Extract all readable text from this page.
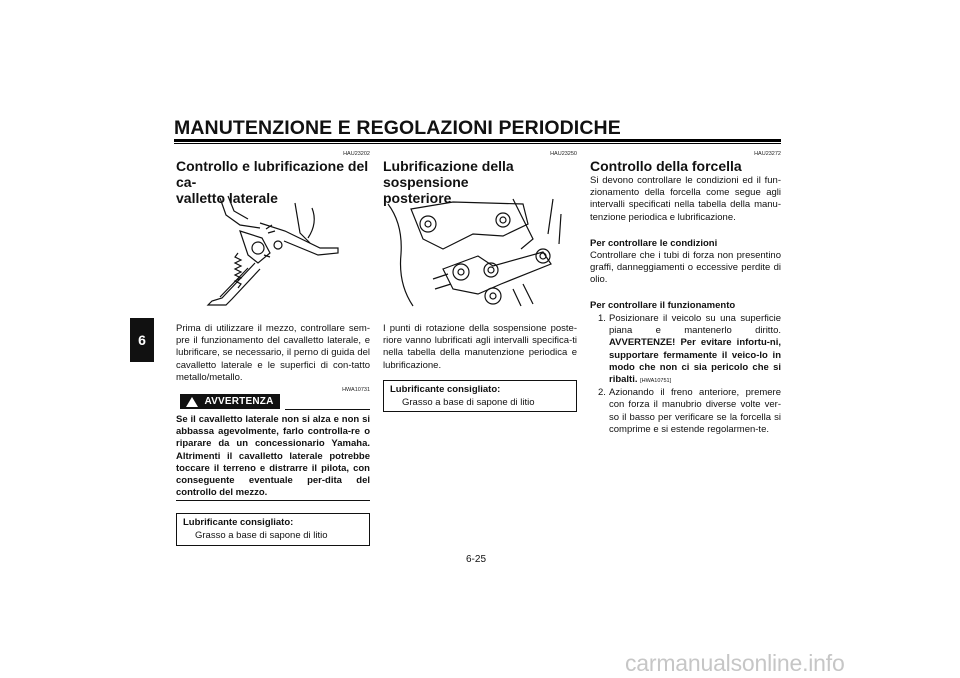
MANUTENZIONE E REGOLAZIONI PERIODICHE
6
HAU23202
Controllo e lubrificazione del ca-
valletto laterale
Prima di utilizzare il mezzo, controllare sem-pre il funzionamento del cavalletto laterale, e lubrificare, se necessario, il perno di guida del cavalletto laterale e le superfici di con-tatto metallo/metallo.
HWA10731
AVVERTENZA
Se il cavalletto laterale non si alza e non si abbassa agevolmente, farlo controlla-re o riparare da un concessionario Yamaha. Altrimenti il cavalletto laterale potrebbe toccare il terreno e distrarre il pilota, con conseguente eventuale per-dita del controllo del mezzo.
Lubrificante consigliato:
Grasso a base di sapone di litio
HAU23250
Lubrificazione della sospensione
posteriore
I punti di rotazione della sospensione poste-riore vanno lubrificati agli intervalli specifica-ti nella tabella della manutenzione periodica e lubrificazione.
Lubrificante consigliato:
Grasso a base di sapone di litio
HAU23272
Controllo della forcella
Si devono controllare le condizioni ed il fun-zionamento della forcella come segue agli intervalli specificati nella tabella della manu-tenzione periodica e lubrificazione.
Per controllare le condizioni
Controllare che i tubi di forza non presentino graffi, danneggiamenti o eccessive perdite di olio.
Per controllare il funzionamento
1. Posizionare il veicolo su una superficie piana e mantenerlo diritto. AVVERTENZE! Per evitare infortu-ni, supportare fermamente il veico-lo in modo che non ci sia pericolo che si ribalti. [HWA10751]
2. Azionando il freno anteriore, premere con forza il manubrio diverse volte ver-so il basso per verificare se la forcella si comprime e si estende regolarmen-te.
6-25
carmanualsonline.info
